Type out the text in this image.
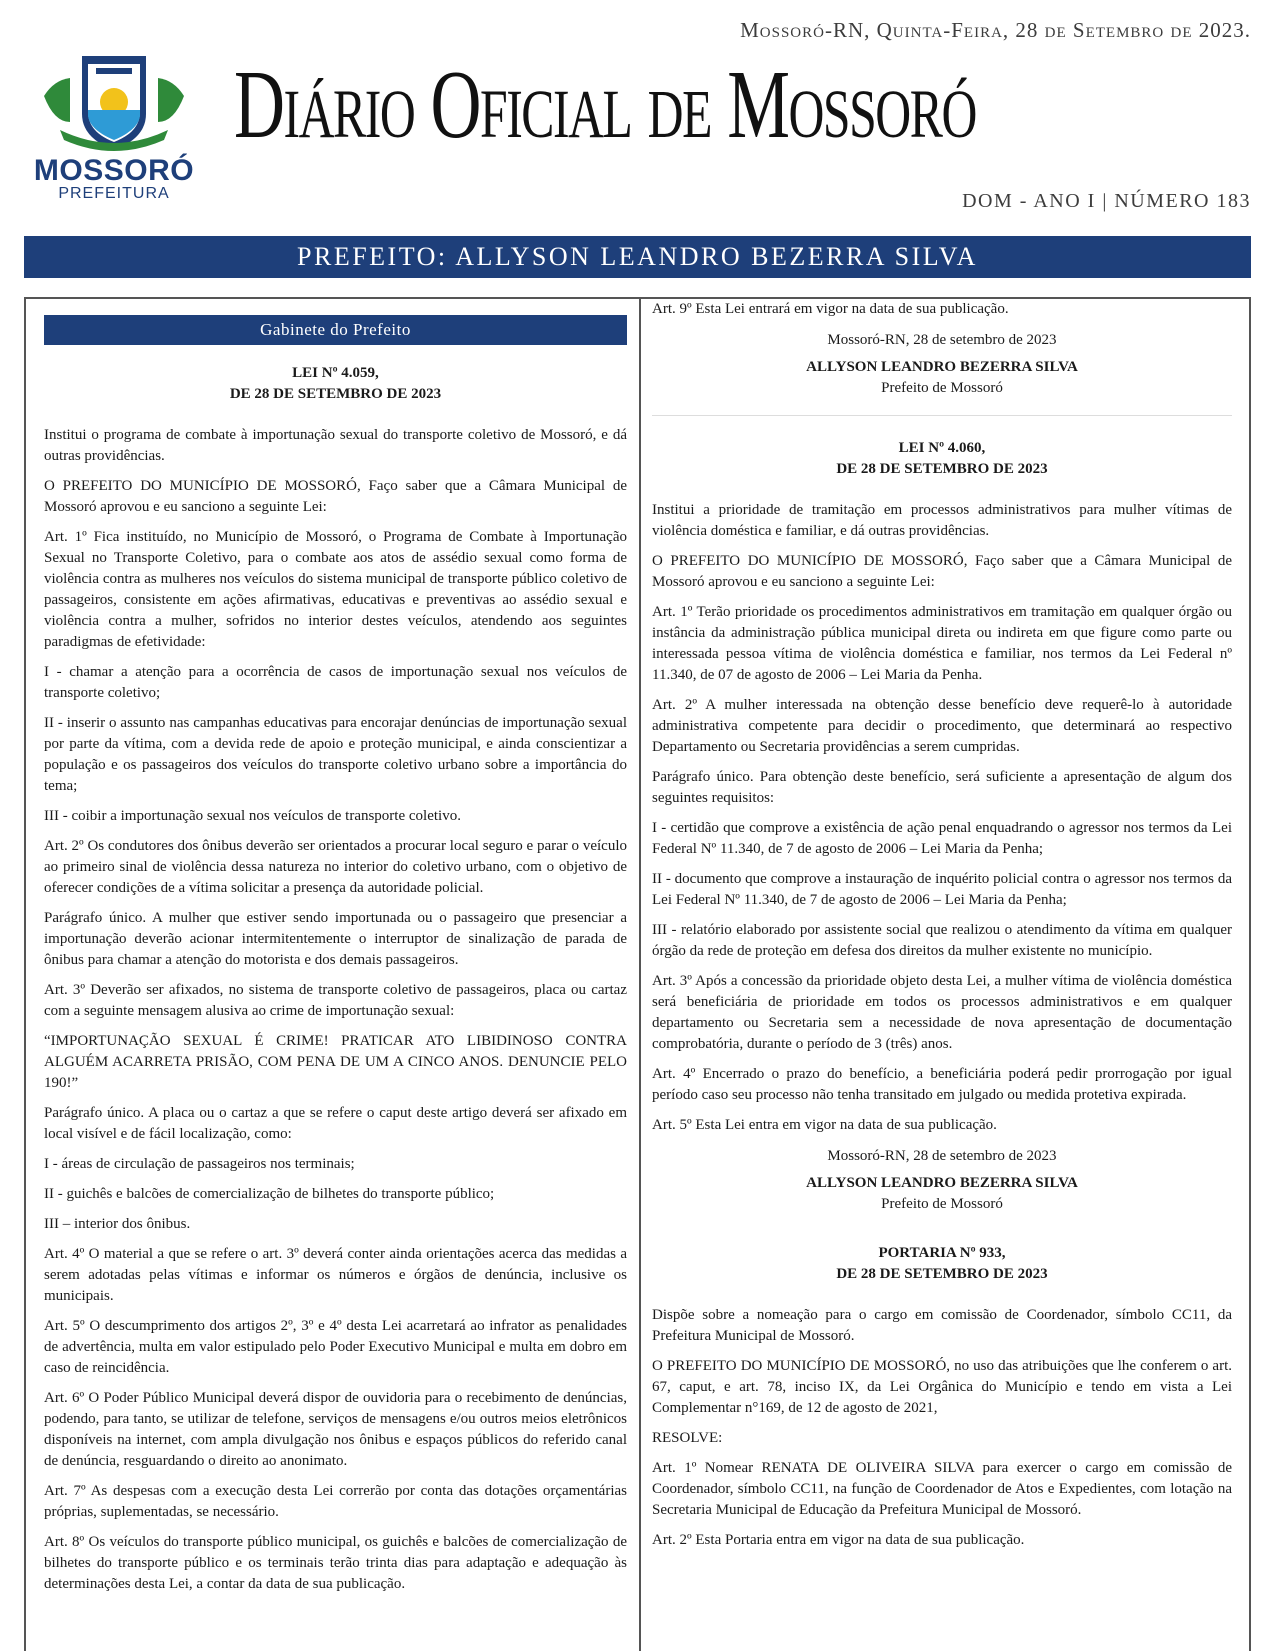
MOSSORÓ
PREFEITURA
Mossoró-RN, Quinta-Feira, 28 de Setembro de 2023.
Diário Oficial de Mossoró
DOM - ANO I | NÚMERO 183
PREFEITO: ALLYSON LEANDRO BEZERRA SILVA
Gabinete do Prefeito
LEI Nº 4.059,
DE 28 DE SETEMBRO DE 2023
Institui o programa de combate à importunação sexual do transporte coletivo de Mossoró, e dá outras providências.
O PREFEITO DO MUNICÍPIO DE MOSSORÓ, Faço saber que a Câmara Municipal de Mossoró aprovou e eu sanciono a seguinte Lei:
Art. 1º Fica instituído, no Município de Mossoró, o Programa de Combate à Importunação Sexual no Transporte Coletivo, para o combate aos atos de assédio sexual como forma de violência contra as mulheres nos veículos do sistema municipal de transporte público coletivo de passageiros, consistente em ações afirmativas, educativas e preventivas ao assédio sexual e violência contra a mulher, sofridos no interior destes veículos, atendendo aos seguintes paradigmas de efetividade:
I - chamar a atenção para a ocorrência de casos de importunação sexual nos veículos de transporte coletivo;
II - inserir o assunto nas campanhas educativas para encorajar denúncias de importunação sexual por parte da vítima, com a devida rede de apoio e proteção municipal, e ainda conscientizar a população e os passageiros dos veículos do transporte coletivo urbano sobre a importância do tema;
III - coibir a importunação sexual nos veículos de transporte coletivo.
Art. 2º Os condutores dos ônibus deverão ser orientados a procurar local seguro e parar o veículo ao primeiro sinal de violência dessa natureza no interior do coletivo urbano, com o objetivo de oferecer condições de a vítima solicitar a presença da autoridade policial.
Parágrafo único. A mulher que estiver sendo importunada ou o passageiro que presenciar a importunação deverão acionar intermitentemente o interruptor de sinalização de parada de ônibus para chamar a atenção do motorista e dos demais passageiros.
Art. 3º Deverão ser afixados, no sistema de transporte coletivo de passageiros, placa ou cartaz com a seguinte mensagem alusiva ao crime de importunação sexual:
“IMPORTUNAÇÃO SEXUAL É CRIME! PRATICAR ATO LIBIDINOSO CONTRA ALGUÉM ACARRETA PRISÃO, COM PENA DE UM A CINCO ANOS. DENUNCIE PELO 190!”
Parágrafo único. A placa ou o cartaz a que se refere o caput deste artigo deverá ser afixado em local visível e de fácil localização, como:
I - áreas de circulação de passageiros nos terminais;
II - guichês e balcões de comercialização de bilhetes do transporte público;
III – interior dos ônibus.
Art. 4º O material a que se refere o art. 3º deverá conter ainda orientações acerca das medidas a serem adotadas pelas vítimas e informar os números e órgãos de denúncia, inclusive os municipais.
Art. 5º O descumprimento dos artigos 2º, 3º e 4º desta Lei acarretará ao infrator as penalidades de advertência, multa em valor estipulado pelo Poder Executivo Municipal e multa em dobro em caso de reincidência.
Art. 6º O Poder Público Municipal deverá dispor de ouvidoria para o recebimento de denúncias, podendo, para tanto, se utilizar de telefone, serviços de mensagens e/ou outros meios eletrônicos disponíveis na internet, com ampla divulgação nos ônibus e espaços públicos do referido canal de denúncia, resguardando o direito ao anonimato.
Art. 7º As despesas com a execução desta Lei correrão por conta das dotações orçamentárias próprias, suplementadas, se necessário.
Art. 8º Os veículos do transporte público municipal, os guichês e balcões de comercialização de bilhetes do transporte público e os terminais terão trinta dias para adaptação e adequação às determinações desta Lei, a contar da data de sua publicação.
Art. 9º Esta Lei entrará em vigor na data de sua publicação.
Mossoró-RN, 28 de setembro de 2023
ALLYSON LEANDRO BEZERRA SILVA
Prefeito de Mossoró
LEI Nº 4.060,
DE 28 DE SETEMBRO DE 2023
Institui a prioridade de tramitação em processos administrativos para mulher vítimas de violência doméstica e familiar, e dá outras providências.
O PREFEITO DO MUNICÍPIO DE MOSSORÓ, Faço saber que a Câmara Municipal de Mossoró aprovou e eu sanciono a seguinte Lei:
Art. 1º Terão prioridade os procedimentos administrativos em tramitação em qualquer órgão ou instância da administração pública municipal direta ou indireta em que figure como parte ou interessada pessoa vítima de violência doméstica e familiar, nos termos da Lei Federal nº 11.340, de 07 de agosto de 2006 – Lei Maria da Penha.
Art. 2º A mulher interessada na obtenção desse benefício deve requerê-lo à autoridade administrativa competente para decidir o procedimento, que determinará ao respectivo Departamento ou Secretaria providências a serem cumpridas.
Parágrafo único. Para obtenção deste benefício, será suficiente a apresentação de algum dos seguintes requisitos:
I - certidão que comprove a existência de ação penal enquadrando o agressor nos termos da Lei Federal Nº 11.340, de 7 de agosto de 2006 – Lei Maria da Penha;
II - documento que comprove a instauração de inquérito policial contra o agressor nos termos da Lei Federal Nº 11.340, de 7 de agosto de 2006 – Lei Maria da Penha;
III - relatório elaborado por assistente social que realizou o atendimento da vítima em qualquer órgão da rede de proteção em defesa dos direitos da mulher existente no município.
Art. 3º Após a concessão da prioridade objeto desta Lei, a mulher vítima de violência doméstica será beneficiária de prioridade em todos os processos administrativos e em qualquer departamento ou Secretaria sem a necessidade de nova apresentação de documentação comprobatória, durante o período de 3 (três) anos.
Art. 4º Encerrado o prazo do benefício, a beneficiária poderá pedir prorrogação por igual período caso seu processo não tenha transitado em julgado ou medida protetiva expirada.
Art. 5º Esta Lei entra em vigor na data de sua publicação.
Mossoró-RN, 28 de setembro de 2023
ALLYSON LEANDRO BEZERRA SILVA
Prefeito de Mossoró
PORTARIA Nº 933,
DE 28 DE SETEMBRO DE 2023
Dispõe sobre a nomeação para o cargo em comissão de Coordenador, símbolo CC11, da Prefeitura Municipal de Mossoró.
O PREFEITO DO MUNICÍPIO DE MOSSORÓ, no uso das atribuições que lhe conferem o art. 67, caput, e art. 78, inciso IX, da Lei Orgânica do Município e tendo em vista a Lei Complementar n°169, de 12 de agosto de 2021,
RESOLVE:
Art. 1º Nomear RENATA DE OLIVEIRA SILVA para exercer o cargo em comissão de Coordenador, símbolo CC11, na função de Coordenador de Atos e Expedientes, com lotação na Secretaria Municipal de Educação da Prefeitura Municipal de Mossoró.
Art. 2º Esta Portaria entra em vigor na data de sua publicação.
